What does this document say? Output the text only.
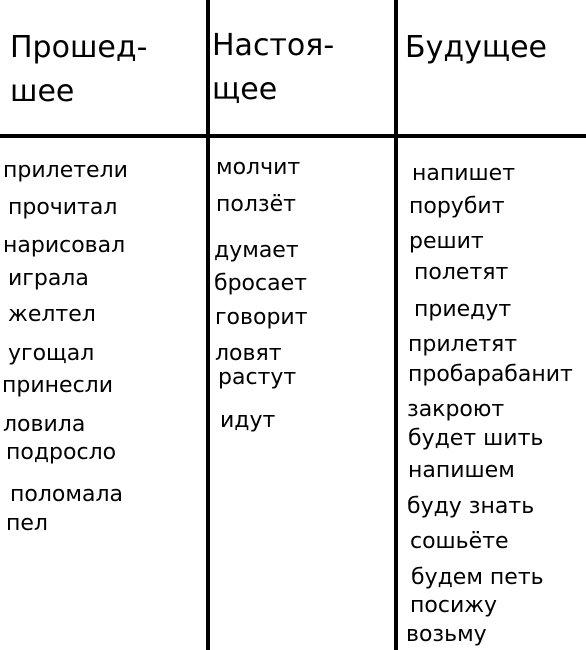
Прошед-
шее
Настоя-
щее
Будущее
прилетели
прочитал
нарисовал
играла
желтел
угощал
принесли
ловила
подросло
поломала
пел
молчит
ползёт
думает
бросает
говорит
ловят
растут
идут
напишет
порубит
решит
полетят
приедут
прилетят
пробарабанит
закроют
будет шить
напишем
буду знать
сошьёте
будем петь
посижу
возьму
